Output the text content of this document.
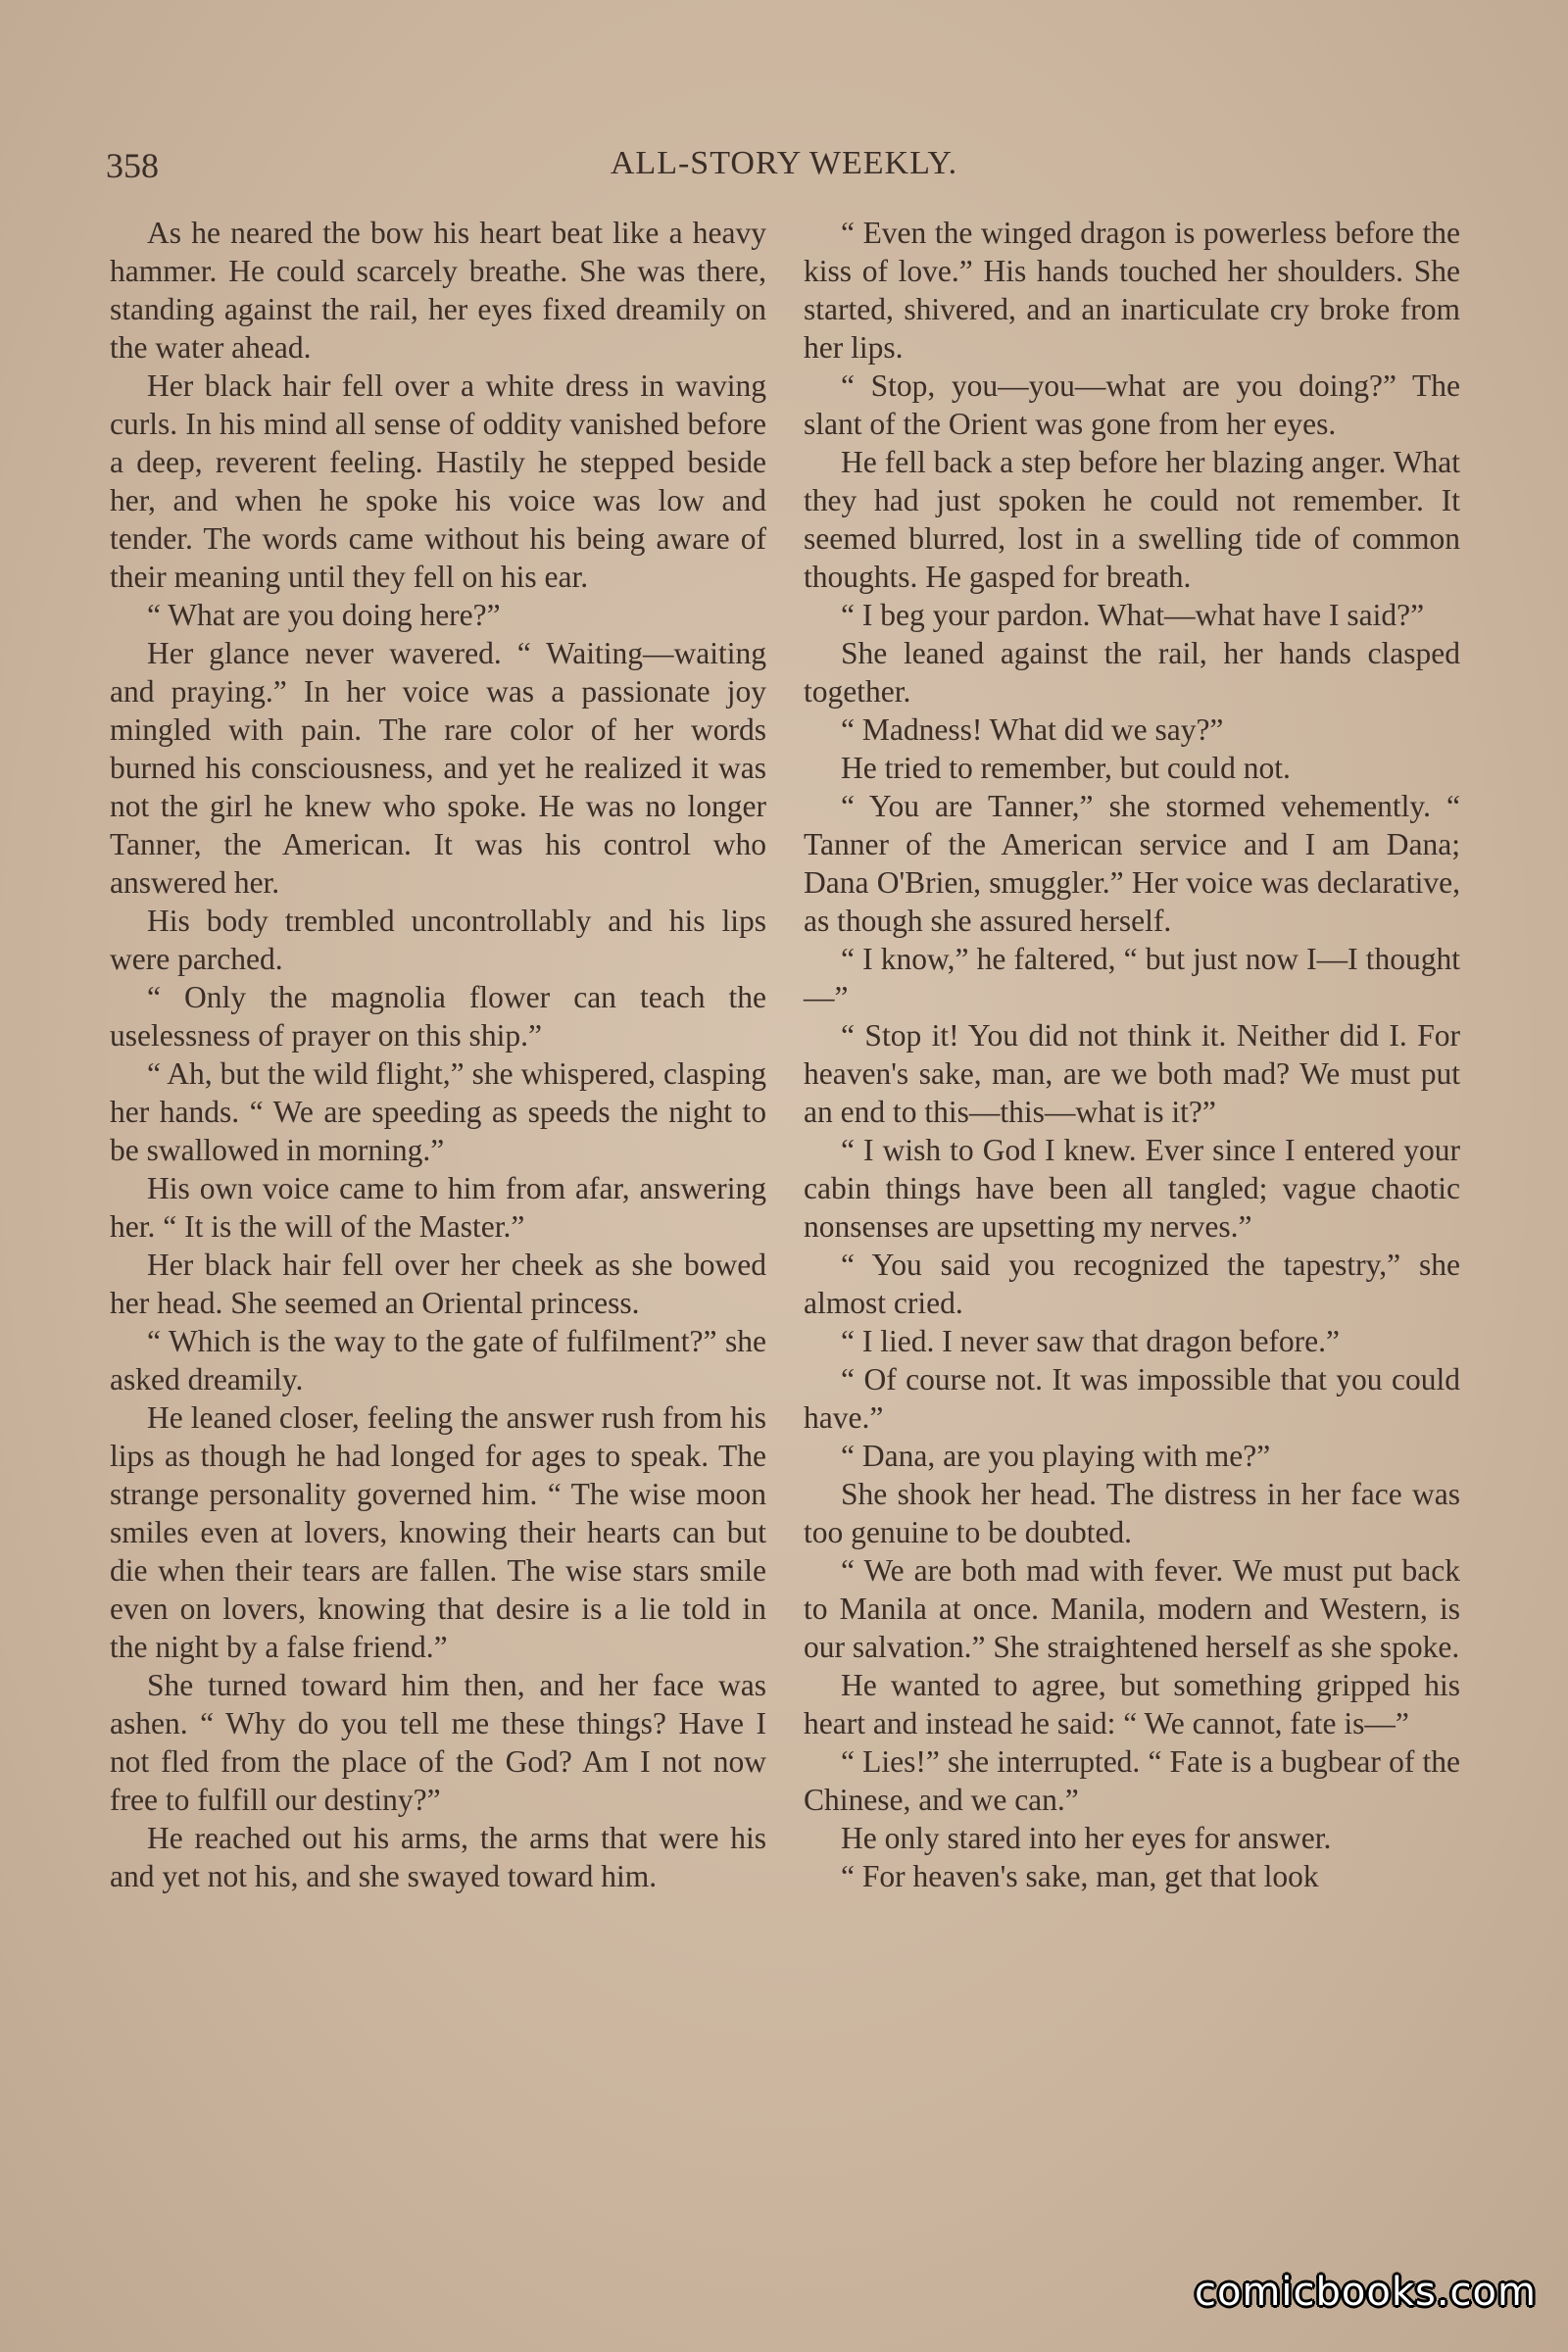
358	ALL-STORY WEEKLY.

As he neared the bow his heart beat like a heavy hammer. He could scarcely breathe. She was there, standing against the rail, her eyes fixed dreamily on the water ahead.

Her black hair fell over a white dress in waving curls. In his mind all sense of oddity vanished before a deep, reverent feeling. Hastily he stepped beside her, and when he spoke his voice was low and tender. The words came without his being aware of their meaning until they fell on his ear.

“ What are you doing here?”

Her glance never wavered. “ Waiting—waiting and praying.” In her voice was a passionate joy mingled with pain. The rare color of her words burned his consciousness, and yet he realized it was not the girl he knew who spoke. He was no longer Tanner, the American. It was his control who answered her.

His body trembled uncontrollably and his lips were parched.

“ Only the magnolia flower can teach the uselessness of prayer on this ship.”

“ Ah, but the wild flight,” she whispered, clasping her hands. “ We are speeding as speeds the night to be swallowed in morning.”

His own voice came to him from afar, answering her. “ It is the will of the Master.”

Her black hair fell over her cheek as she bowed her head. She seemed an Oriental princess.

“ Which is the way to the gate of fulfilment?” she asked dreamily.

He leaned closer, feeling the answer rush from his lips as though he had longed for ages to speak. The strange personality governed him. “ The wise moon smiles even at lovers, knowing their hearts can but die when their tears are fallen. The wise stars smile even on lovers, knowing that desire is a lie told in the night by a false friend.”

She turned toward him then, and her face was ashen. “ Why do you tell me these things? Have I not fled from the place of the God? Am I not now free to fulfill our destiny?”

He reached out his arms, the arms that were his and yet not his, and she swayed toward him.

“ Even the winged dragon is powerless before the kiss of love.” His hands touched her shoulders. She started, shivered, and an inarticulate cry broke from her lips.

“ Stop, you—you—what are you doing?” The slant of the Orient was gone from her eyes.

He fell back a step before her blazing anger. What they had just spoken he could not remember. It seemed blurred, lost in a swelling tide of common thoughts. He gasped for breath.

“ I beg your pardon. What—what have I said?”

She leaned against the rail, her hands clasped together.

“ Madness! What did we say?”

He tried to remember, but could not.

“ You are Tanner,” she stormed vehemently. “ Tanner of the American service and I am Dana; Dana O'Brien, smuggler.” Her voice was declarative, as though she assured herself.

“ I know,” he faltered, “ but just now I—I thought—”

“ Stop it! You did not think it. Neither did I. For heaven's sake, man, are we both mad? We must put an end to this—this—what is it?”

“ I wish to God I knew. Ever since I entered your cabin things have been all tangled; vague chaotic nonsenses are upsetting my nerves.”

“ You said you recognized the tapestry,” she almost cried.

“ I lied. I never saw that dragon before.”

“ Of course not. It was impossible that you could have.”

“ Dana, are you playing with me?”

She shook her head. The distress in her face was too genuine to be doubted.

“ We are both mad with fever. We must put back to Manila at once. Manila, modern and Western, is our salvation.” She straightened herself as she spoke.

He wanted to agree, but something gripped his heart and instead he said: “ We cannot, fate is—”

“ Lies!” she interrupted. “ Fate is a bugbear of the Chinese, and we can.”

He only stared into her eyes for answer.

“ For heaven's sake, man, get that look

comicbooks.com
